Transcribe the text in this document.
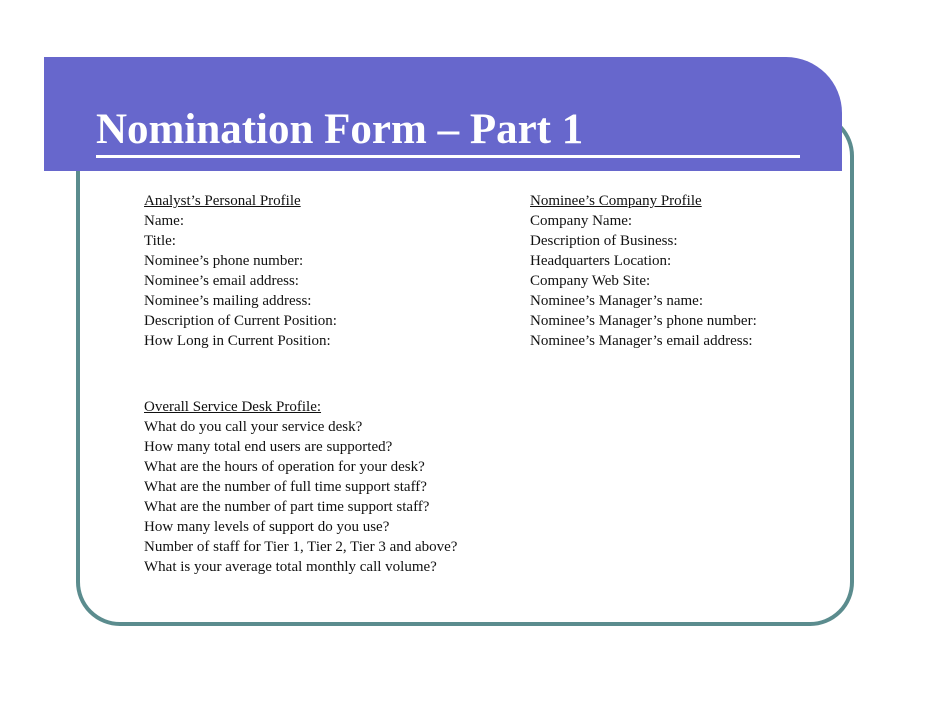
Nomination Form – Part 1
Analyst’s Personal Profile
Name:
Title:
Nominee’s phone number:
Nominee’s email address:
Nominee’s mailing address:
Description of Current Position:
How Long in Current Position:
Nominee’s Company Profile
Company Name:
Description of Business:
Headquarters Location:
Company Web Site:
Nominee’s Manager’s name:
Nominee’s Manager’s phone number:
Nominee’s Manager’s email address:
Overall Service Desk Profile:
What do you call your service desk?
How many total end users are supported?
What are the hours of operation for your desk?
What are the number of full time support staff?
What are the number of part time support staff?
How many levels of support do you use?
Number of staff for Tier 1, Tier 2, Tier 3 and above?
What is your average total monthly call volume?
